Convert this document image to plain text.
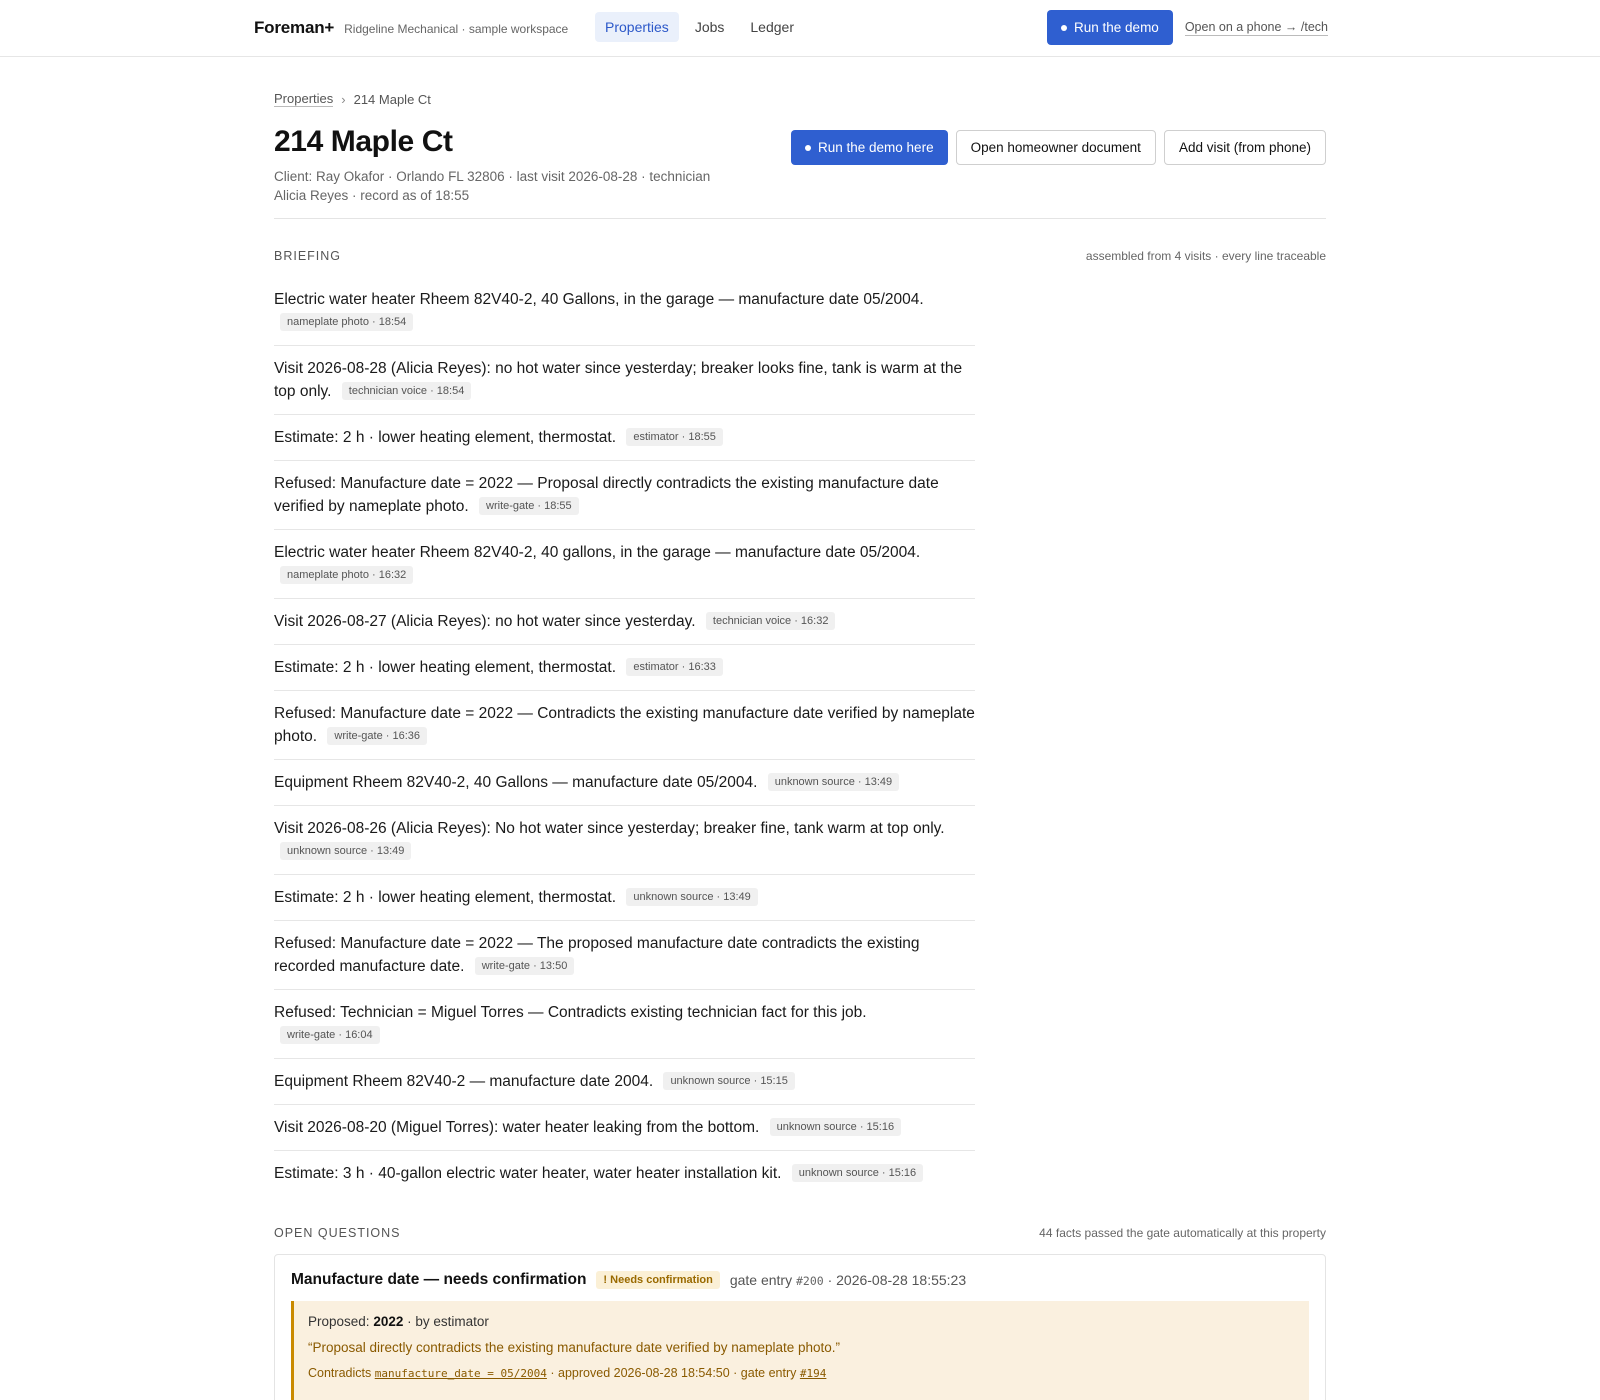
Foreman+ Ridgeline Mechanical · sample workspace	Properties	Jobs	Ledger	Run the demo Open on a phone → /tech
Properties › 214 Maple Ct
214 Maple Ct

Client: Ray Okafor · Orlando FL 32806 · last visit 2026-08-28 · technician Alicia Reyes · record as of 18:55

Run the demo here	Open homeowner document	Add visit (from phone)
BRIEFING	assembled from 4 visits · every line traceable
Electric water heater Rheem 82V40-2, 40 Gallons, in the garage — manufacture date 05/2004. nameplate photo · 18:54
Visit 2026-08-28 (Alicia Reyes): no hot water since yesterday; breaker looks fine, tank is warm at the top only. technician voice · 18:54
Estimate: 2 h · lower heating element, thermostat. estimator · 18:55
Refused: Manufacture date = 2022 — Proposal directly contradicts the existing manufacture date verified by nameplate photo. write-gate · 18:55
Electric water heater Rheem 82V40-2, 40 gallons, in the garage — manufacture date 05/2004. nameplate photo · 16:32
Visit 2026-08-27 (Alicia Reyes): no hot water since yesterday. technician voice · 16:32
Estimate: 2 h · lower heating element, thermostat. estimator · 16:33
Refused: Manufacture date = 2022 — Contradicts the existing manufacture date verified by nameplate photo. write-gate · 16:36
Equipment Rheem 82V40-2, 40 Gallons — manufacture date 05/2004. unknown source · 13:49
Visit 2026-08-26 (Alicia Reyes): No hot water since yesterday; breaker fine, tank warm at top only. unknown source · 13:49
Estimate: 2 h · lower heating element, thermostat. unknown source · 13:49
Refused: Manufacture date = 2022 — The proposed manufacture date contradicts the existing recorded manufacture date. write-gate · 13:50
Refused: Technician = Miguel Torres — Contradicts existing technician fact for this job. write-gate · 16:04
Equipment Rheem 82V40-2 — manufacture date 2004. unknown source · 15:15
Visit 2026-08-20 (Miguel Torres): water heater leaking from the bottom. unknown source · 15:16
Estimate: 3 h · 40-gallon electric water heater, water heater installation kit. unknown source · 15:16
OPEN QUESTIONS	44 facts passed the gate automatically at this property
Manufacture date — needs confirmation	! Needs confirmation	gate entry #200 · 2026-08-28 18:55:23
Proposed: 2022 · by estimator
“Proposal directly contradicts the existing manufacture date verified by nameplate photo.”
Contradicts manufacture_date = 05/2004 · approved 2026-08-28 18:54:50 · gate entry #194
